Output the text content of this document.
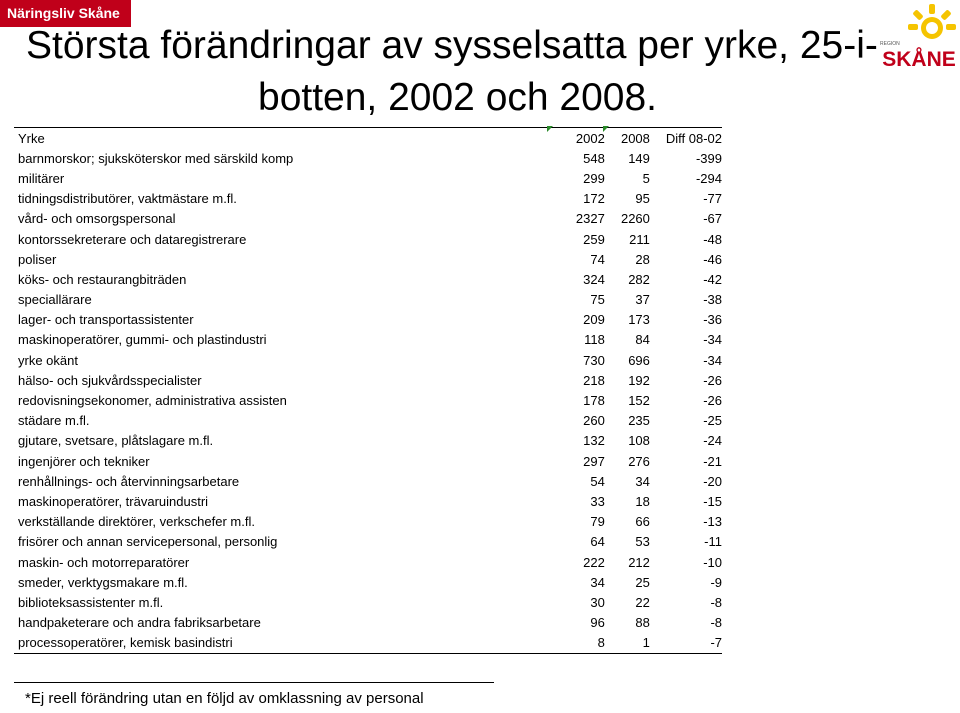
Näringsliv Skåne
Största förändringar av sysselsatta per yrke, 25-i-
botten, 2002 och 2008.
REGION
SKÅNE
Yrke	2002	2008	Diff 08-02
barnmorskor; sjuksköterskor med särskild komp	548	149	-399
militärer	299	5	-294
tidningsdistributörer, vaktmästare m.fl.	172	95	-77
vård- och omsorgspersonal	2327	2260	-67
kontorssekreterare och dataregistrerare	259	211	-48
poliser	74	28	-46
köks- och restaurangbiträden	324	282	-42
speciallärare	75	37	-38
lager- och transportassistenter	209	173	-36
maskinoperatörer, gummi- och plastindustri	118	84	-34
yrke okänt	730	696	-34
hälso- och sjukvårdsspecialister	218	192	-26
redovisningsekonomer, administrativa assisten	178	152	-26
städare m.fl.	260	235	-25
gjutare, svetsare, plåtslagare m.fl.	132	108	-24
ingenjörer och tekniker	297	276	-21
renhållnings- och återvinningsarbetare	54	34	-20
maskinoperatörer, trävaruindustri	33	18	-15
verkställande direktörer, verkschefer m.fl.	79	66	-13
frisörer och annan servicepersonal, personlig	64	53	-11
maskin- och motorreparatörer	222	212	-10
smeder, verktygsmakare m.fl.	34	25	-9
biblioteksassistenter m.fl.	30	22	-8
handpaketerare och andra fabriksarbetare	96	88	-8
processoperatörer, kemisk basindistri	8	1	-7
*Ej reell förändring utan en följd av omklassning av personal
